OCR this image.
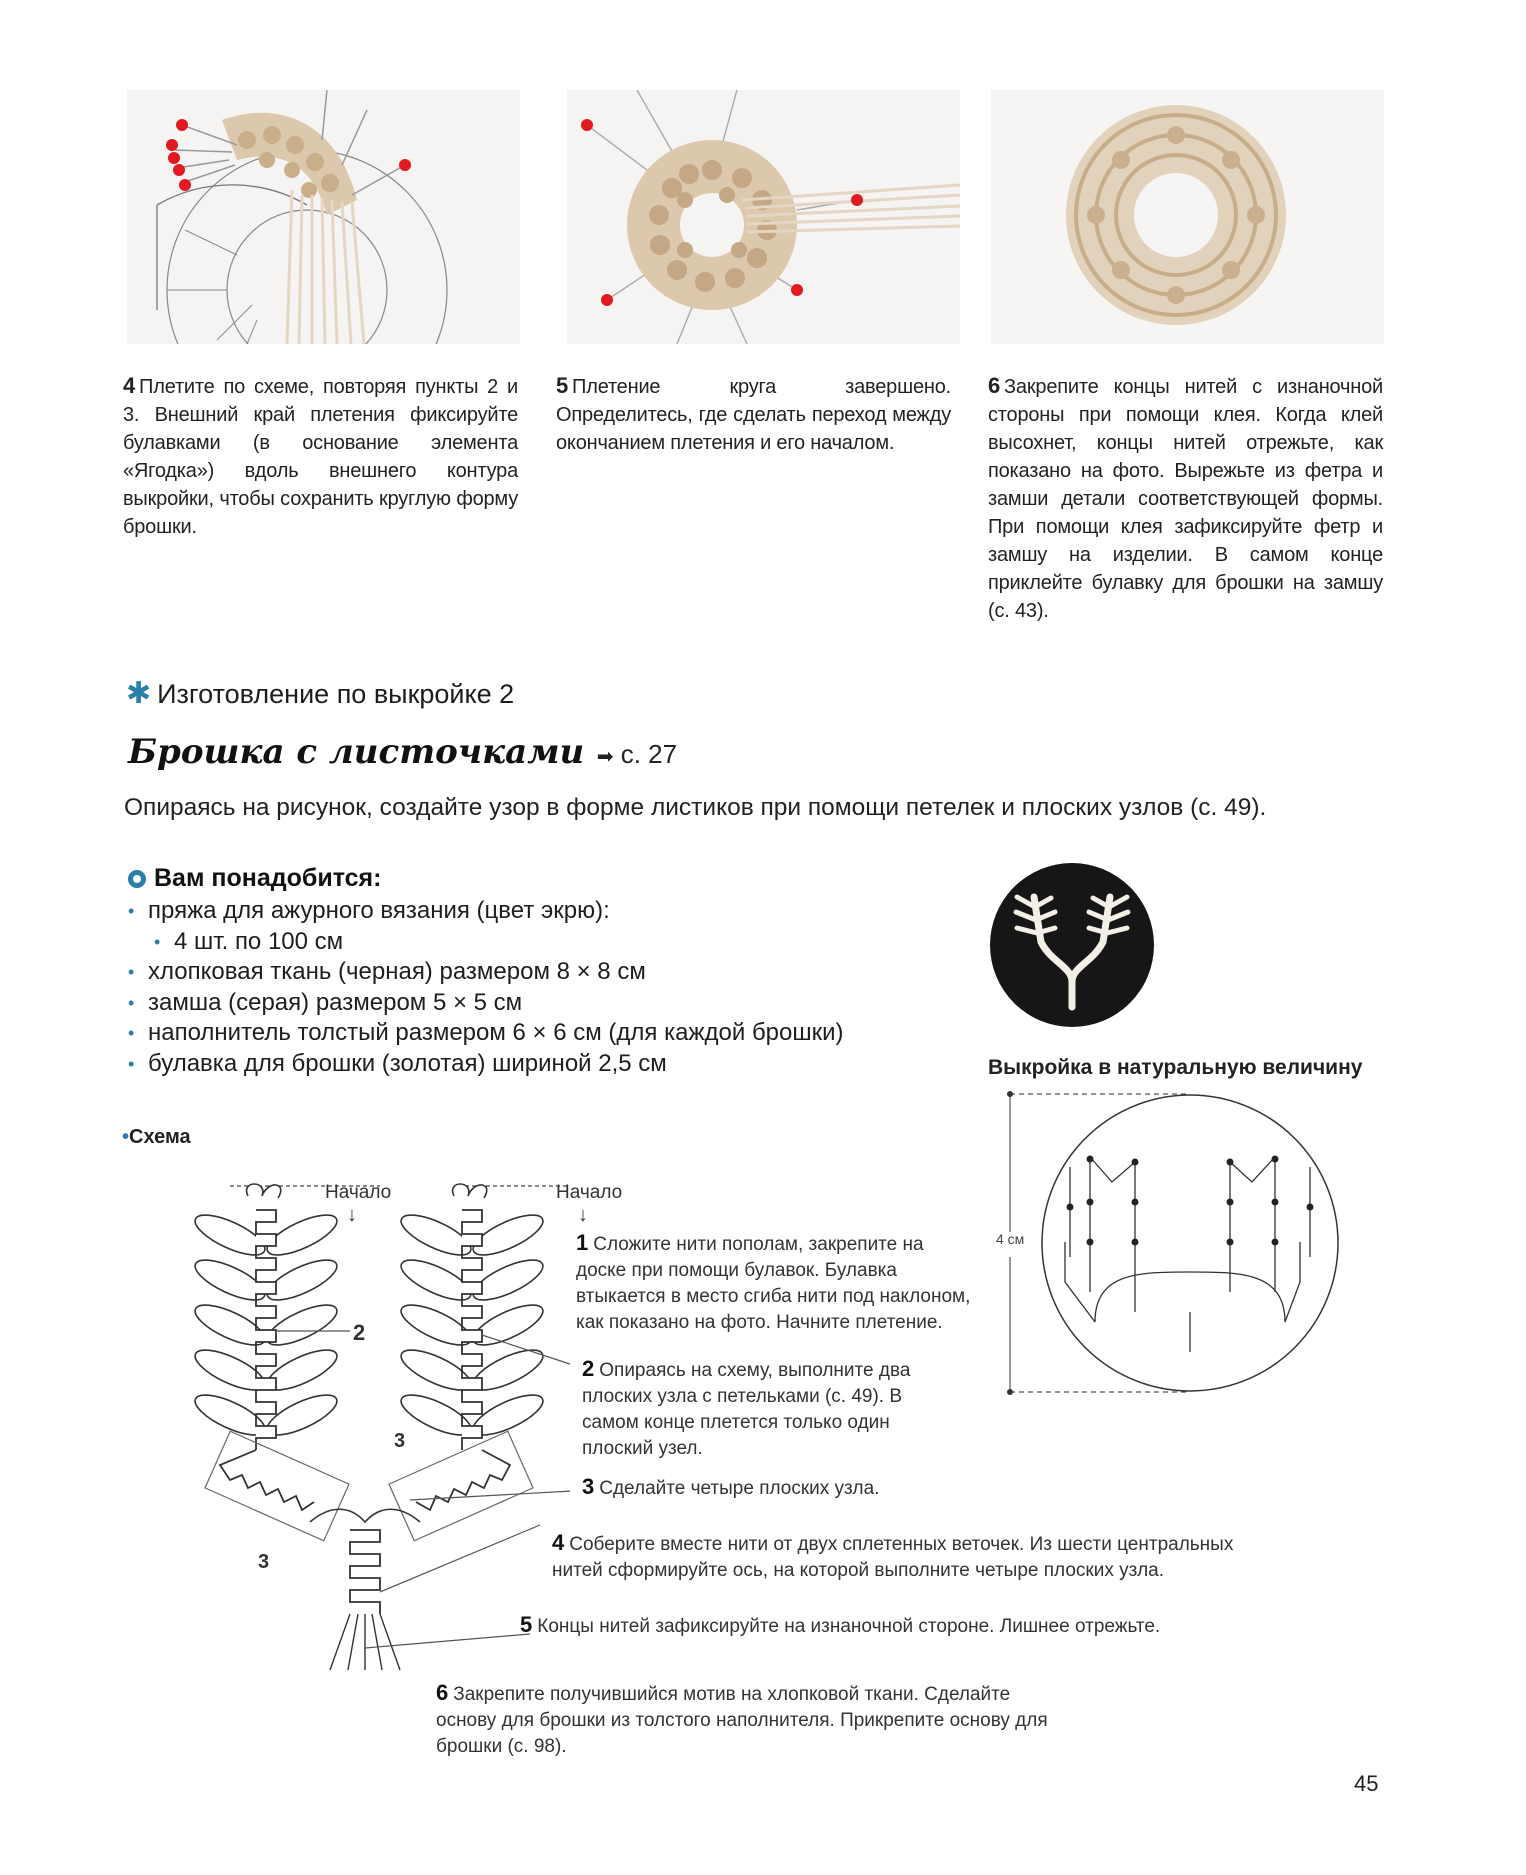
4 Плетите по схеме, повторяя пункты 2 и 3. Внешний край плетения фиксируйте булавками (в основание элемента «Ягодка») вдоль внешнего контура выкройки, чтобы сохранить круглую форму брошки.
5 Плетение круга завершено. Определитесь, где сделать переход между окончанием плетения и его началом.
6 Закрепите концы нитей с изнаночной стороны при помощи клея. Когда клей высохнет, концы нитей отрежьте, как показано на фото. Вырежьте из фетра и замши детали соответствующей формы. При помощи клея зафиксируйте фетр и замшу на изделии. В самом конце приклейте булавку для брошки на замшу (с. 43).
✱ Изготовление по выкройке 2
Брошка с листочками ➡ с. 27
Опираясь на рисунок, создайте узор в форме листиков при помощи петелек и плоских узлов (с. 49).
Вам понадобится:
• пряжа для ажурного вязания (цвет экрю):
• 4 шт. по 100 см
• хлопковая ткань (черная) размером 8 × 8 см
• замша (серая) размером 5 × 5 см
• наполнитель толстый размером 6 × 6 см (для каждой брошки)
• булавка для брошки (золотая) шириной 2,5 см	Выкройка в натуральную величину
4 см
• Схема
2
3
3
Начало
↓
Начало
↓
1 Сложите нити пополам, закрепите на доске при помощи булавок. Булавка втыкается в место сгиба нити под наклоном, как показано на фото. Начните плетение.
2 Опираясь на схему, выполните два плоских узла с петельками (с. 49). В самом конце плетется только один плоский узел.
3 Сделайте четыре плоских узла.
4 Соберите вместе нити от двух сплетенных веточек. Из шести центральных нитей сформируйте ось, на которой выполните четыре плоских узла.
5 Концы нитей зафиксируйте на изнаночной стороне. Лишнее отрежьте.
6 Закрепите получившийся мотив на хлопковой ткани. Сделайте основу для брошки из толстого наполнителя. Прикрепите основу для брошки (с. 98).
45
